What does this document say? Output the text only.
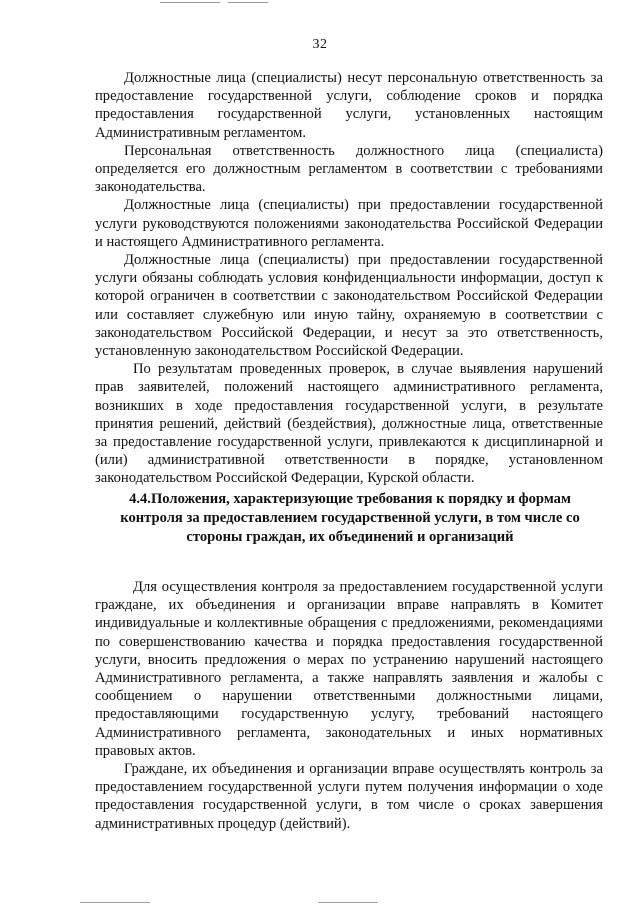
32

Должностные лица (специалисты) несут персональную ответственность за предоставление государственной услуги, соблюдение сроков и порядка предоставления государственной услуги, установленных настоящим Административным регламентом.

Персональная ответственность должностного лица (специалиста) определяется его должностным регламентом в соответствии с требованиями законодательства.

Должностные лица (специалисты) при предоставлении государственной услуги руководствуются положениями законодательства Российской Федерации и настоящего Административного регламента.

Должностные лица (специалисты) при предоставлении государственной услуги обязаны соблюдать условия конфиденциальности информации, доступ к которой ограничен в соответствии с законодательством Российской Федерации или составляет служебную или иную тайну, охраняемую в соответствии с законодательством Российской Федерации, и несут за это ответственность, установленную законодательством Российской Федерации.

По результатам проведенных проверок, в случае выявления нарушений прав заявителей, положений настоящего административного регламента, возникших в ходе предоставления государственной услуги, в результате принятия решений, действий (бездействия), должностные лица, ответственные за предоставление государственной услуги, привлекаются к дисциплинарной и (или) административной ответственности в порядке, установленном законодательством Российской Федерации, Курской области.

4.4.Положения, характеризующие требования к порядку и формам контроля за предоставлением государственной услуги, в том числе со стороны граждан, их объединений и организаций

Для осуществления контроля за предоставлением государственной услуги граждане, их объединения и организации вправе направлять в Комитет индивидуальные и коллективные обращения с предложениями, рекомендациями по совершенствованию качества и порядка предоставления государственной услуги, вносить предложения о мерах по устранению нарушений настоящего Административного регламента, а также направлять заявления и жалобы с сообщением о нарушении ответственными должностными лицами, предоставляющими государственную услугу, требований настоящего Административного регламента, законодательных и иных нормативных правовых актов.

Граждане, их объединения и организации вправе осуществлять контроль за предоставлением государственной услуги путем получения информации о ходе предоставления государственной услуги, в том числе о сроках завершения административных процедур (действий).
